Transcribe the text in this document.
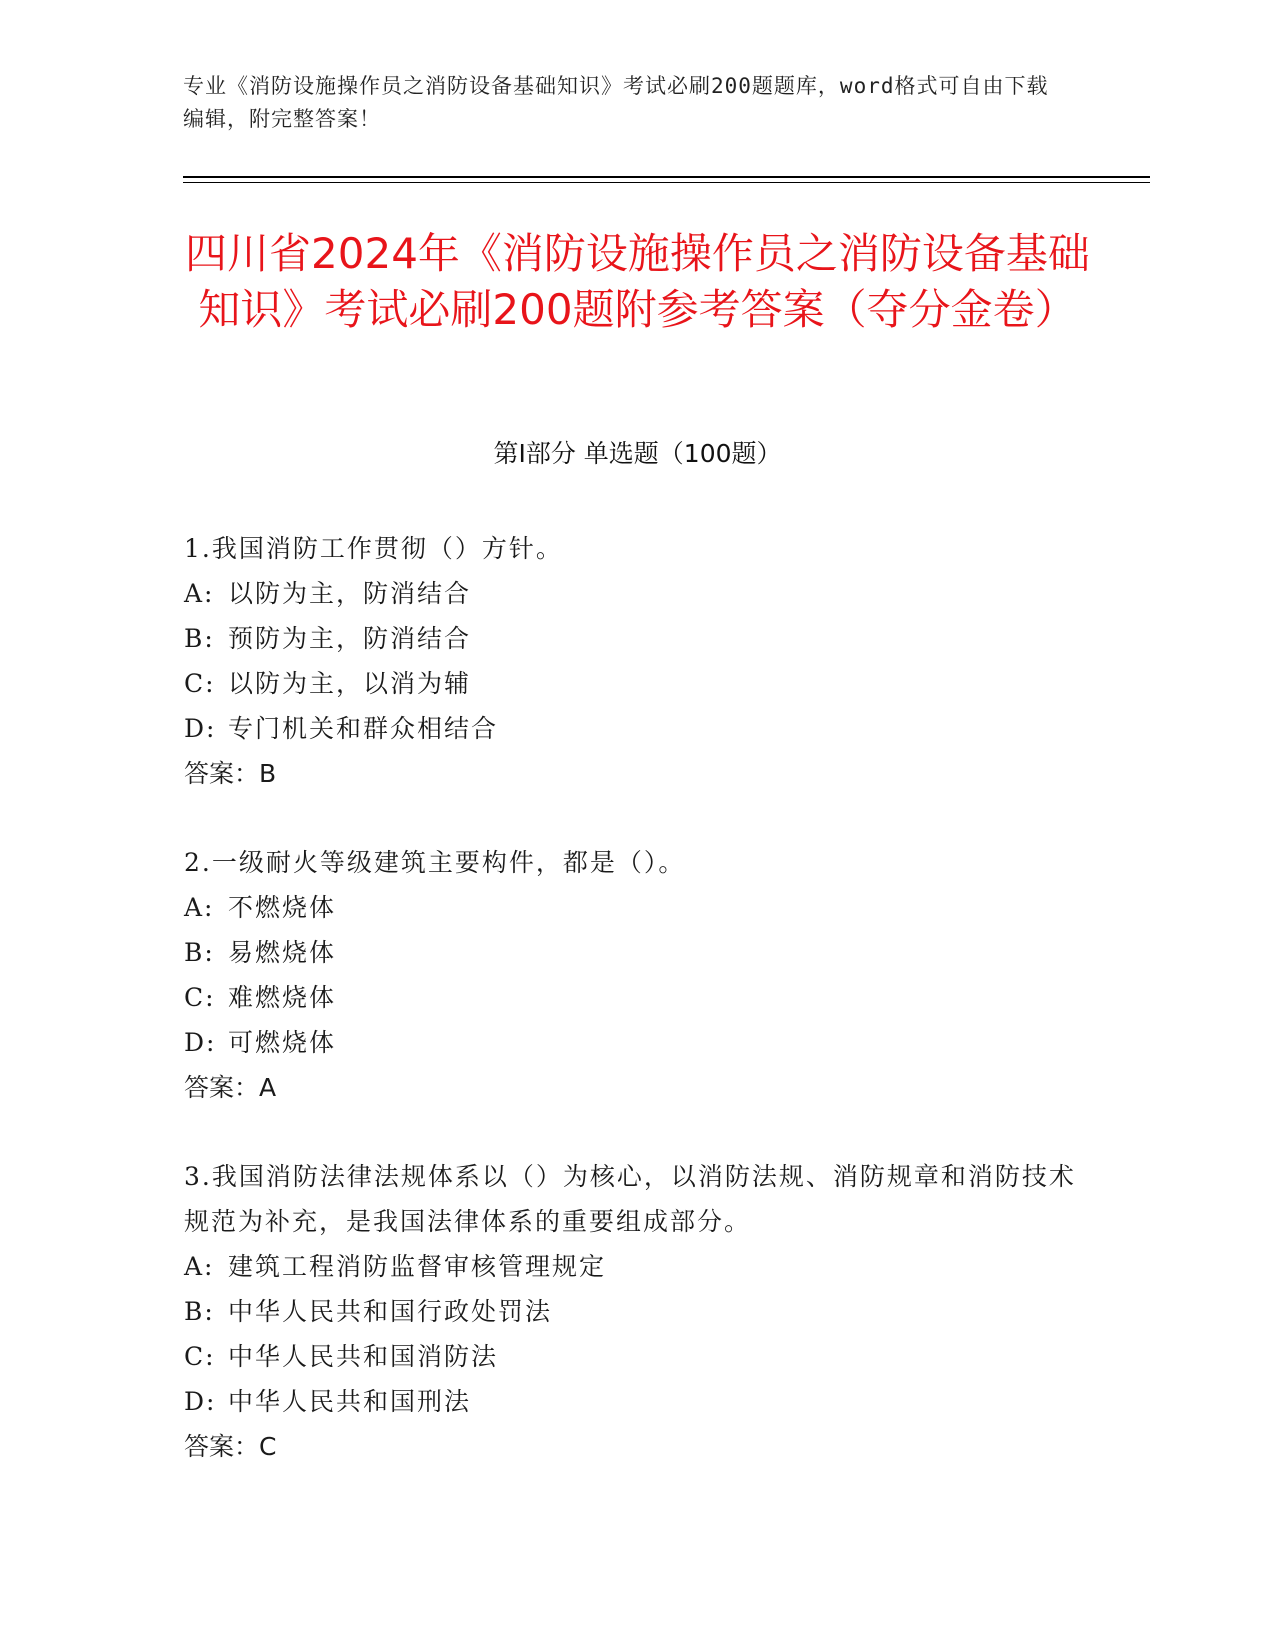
专业《消防设施操作员之消防设备基础知识》考试必刷200题题库，word格式可自由下载编辑，附完整答案！
四川省2024年《消防设施操作员之消防设备基础知识》考试必刷200题附参考答案（夺分金卷）
第Ⅰ部分 单选题（100题）
1.我国消防工作贯彻（）方针。
A: 以防为主，防消结合
B: 预防为主，防消结合
C: 以防为主，以消为辅
D: 专门机关和群众相结合
答案：B
2.一级耐火等级建筑主要构件，都是（）。
A: 不燃烧体
B: 易燃烧体
C: 难燃烧体
D: 可燃烧体
答案：A
3.我国消防法律法规体系以（）为核心，以消防法规、消防规章和消防技术规范为补充，是我国法律体系的重要组成部分。
A: 建筑工程消防监督审核管理规定
B: 中华人民共和国行政处罚法
C: 中华人民共和国消防法
D: 中华人民共和国刑法
答案：C
